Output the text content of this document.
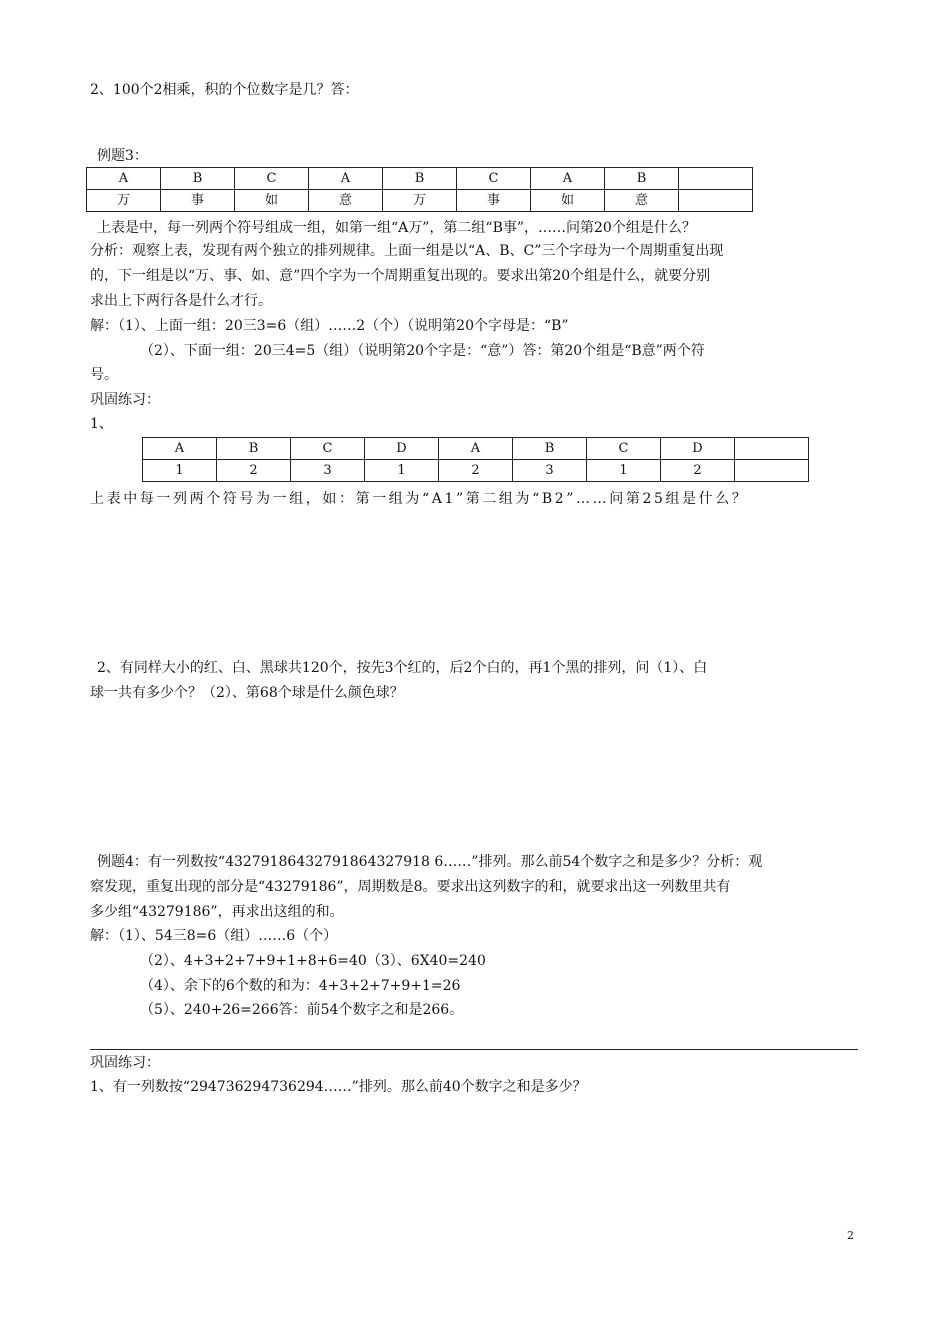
2、100个2相乘，积的个位数字是几？答：
例题3：
A	B	C	A	B	C	A	B	
万	事	如	意	万	事	如	意	
上表是中，每一列两个符号组成一组，如第一组“A万”，第二组“B事”，……问第20个组是什么？
分析：观察上表，发现有两个独立的排列规律。上面一组是以“A、B、C”三个字母为一个周期重复出现
的，下一组是以“万、事、如、意”四个字为一个周期重复出现的。要求出第20个组是什么，就要分别
求出上下两行各是什么才行。
解：（1）、上面一组：20三3=6（组）……2（个）（说明第20个字母是：“B”
（2）、下面一组：20三4=5（组）（说明第20个字是：“意”）答：第20个组是“B意”两个符
号。
巩固练习：
1、
A	B	C	D	A	B	C	D	
1	2	3	1	2	3	1	2	
上表中每一列两个符号为一组，如：第一组为“A1”第二组为“B2”……问第25组是什么？
2、有同样大小的红、白、黑球共120个，按先3个红的，后2个白的，再1个黑的排列，问（1）、白
球一共有多少个？（2）、第68个球是什么颜色球？
例题4：有一列数按“43279186432791864327918 6……”排列。那么前54个数字之和是多少？分析：观
察发现，重复出现的部分是“43279186”，周期数是8。要求出这列数字的和，就要求出这一列数里共有
多少组“43279186”，再求出这组的和。
解：（1）、54三8=6（组）……6（个）
（2）、4+3+2+7+9+1+8+6=40（3）、6X40=240
（4）、余下的6个数的和为：4+3+2+7+9+1=26
（5）、240+26=266答：前54个数字之和是266。
巩固练习：
1、有一列数按“294736294736294……”排列。那么前40个数字之和是多少？
2
